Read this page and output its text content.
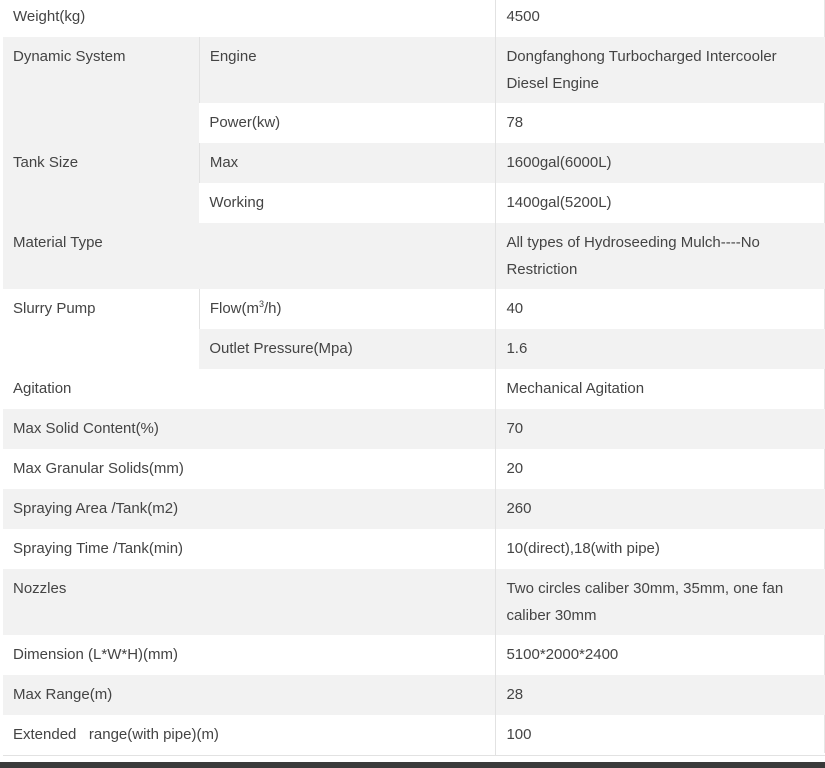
Weight(kg)		4500
Dynamic System	Engine	Dongfanghong Turbocharged Intercooler Diesel Engine
	Power(kw)	78
Tank Size	Max	1600gal(6000L)
	Working	1400gal(5200L)
Material Type		All types of Hydroseeding Mulch----No Restriction
Slurry Pump	$Flow(m^3/h)$	40
	Outlet Pressure(Mpa)	1.6
Agitation		Mechanical Agitation
Max Solid Content(%)		70
Max Granular Solids(mm)		20
Spraying Area /Tank(m2)		260
Spraying Time /Tank(min)		10(direct),18(with pipe)
Nozzles		Two circles caliber 30mm, 35mm, one fan caliber 30mm
Dimension (L*W*H)(mm)		5100*2000*2400
Max Range(m)		28
Extended   range(with pipe)(m)		100
